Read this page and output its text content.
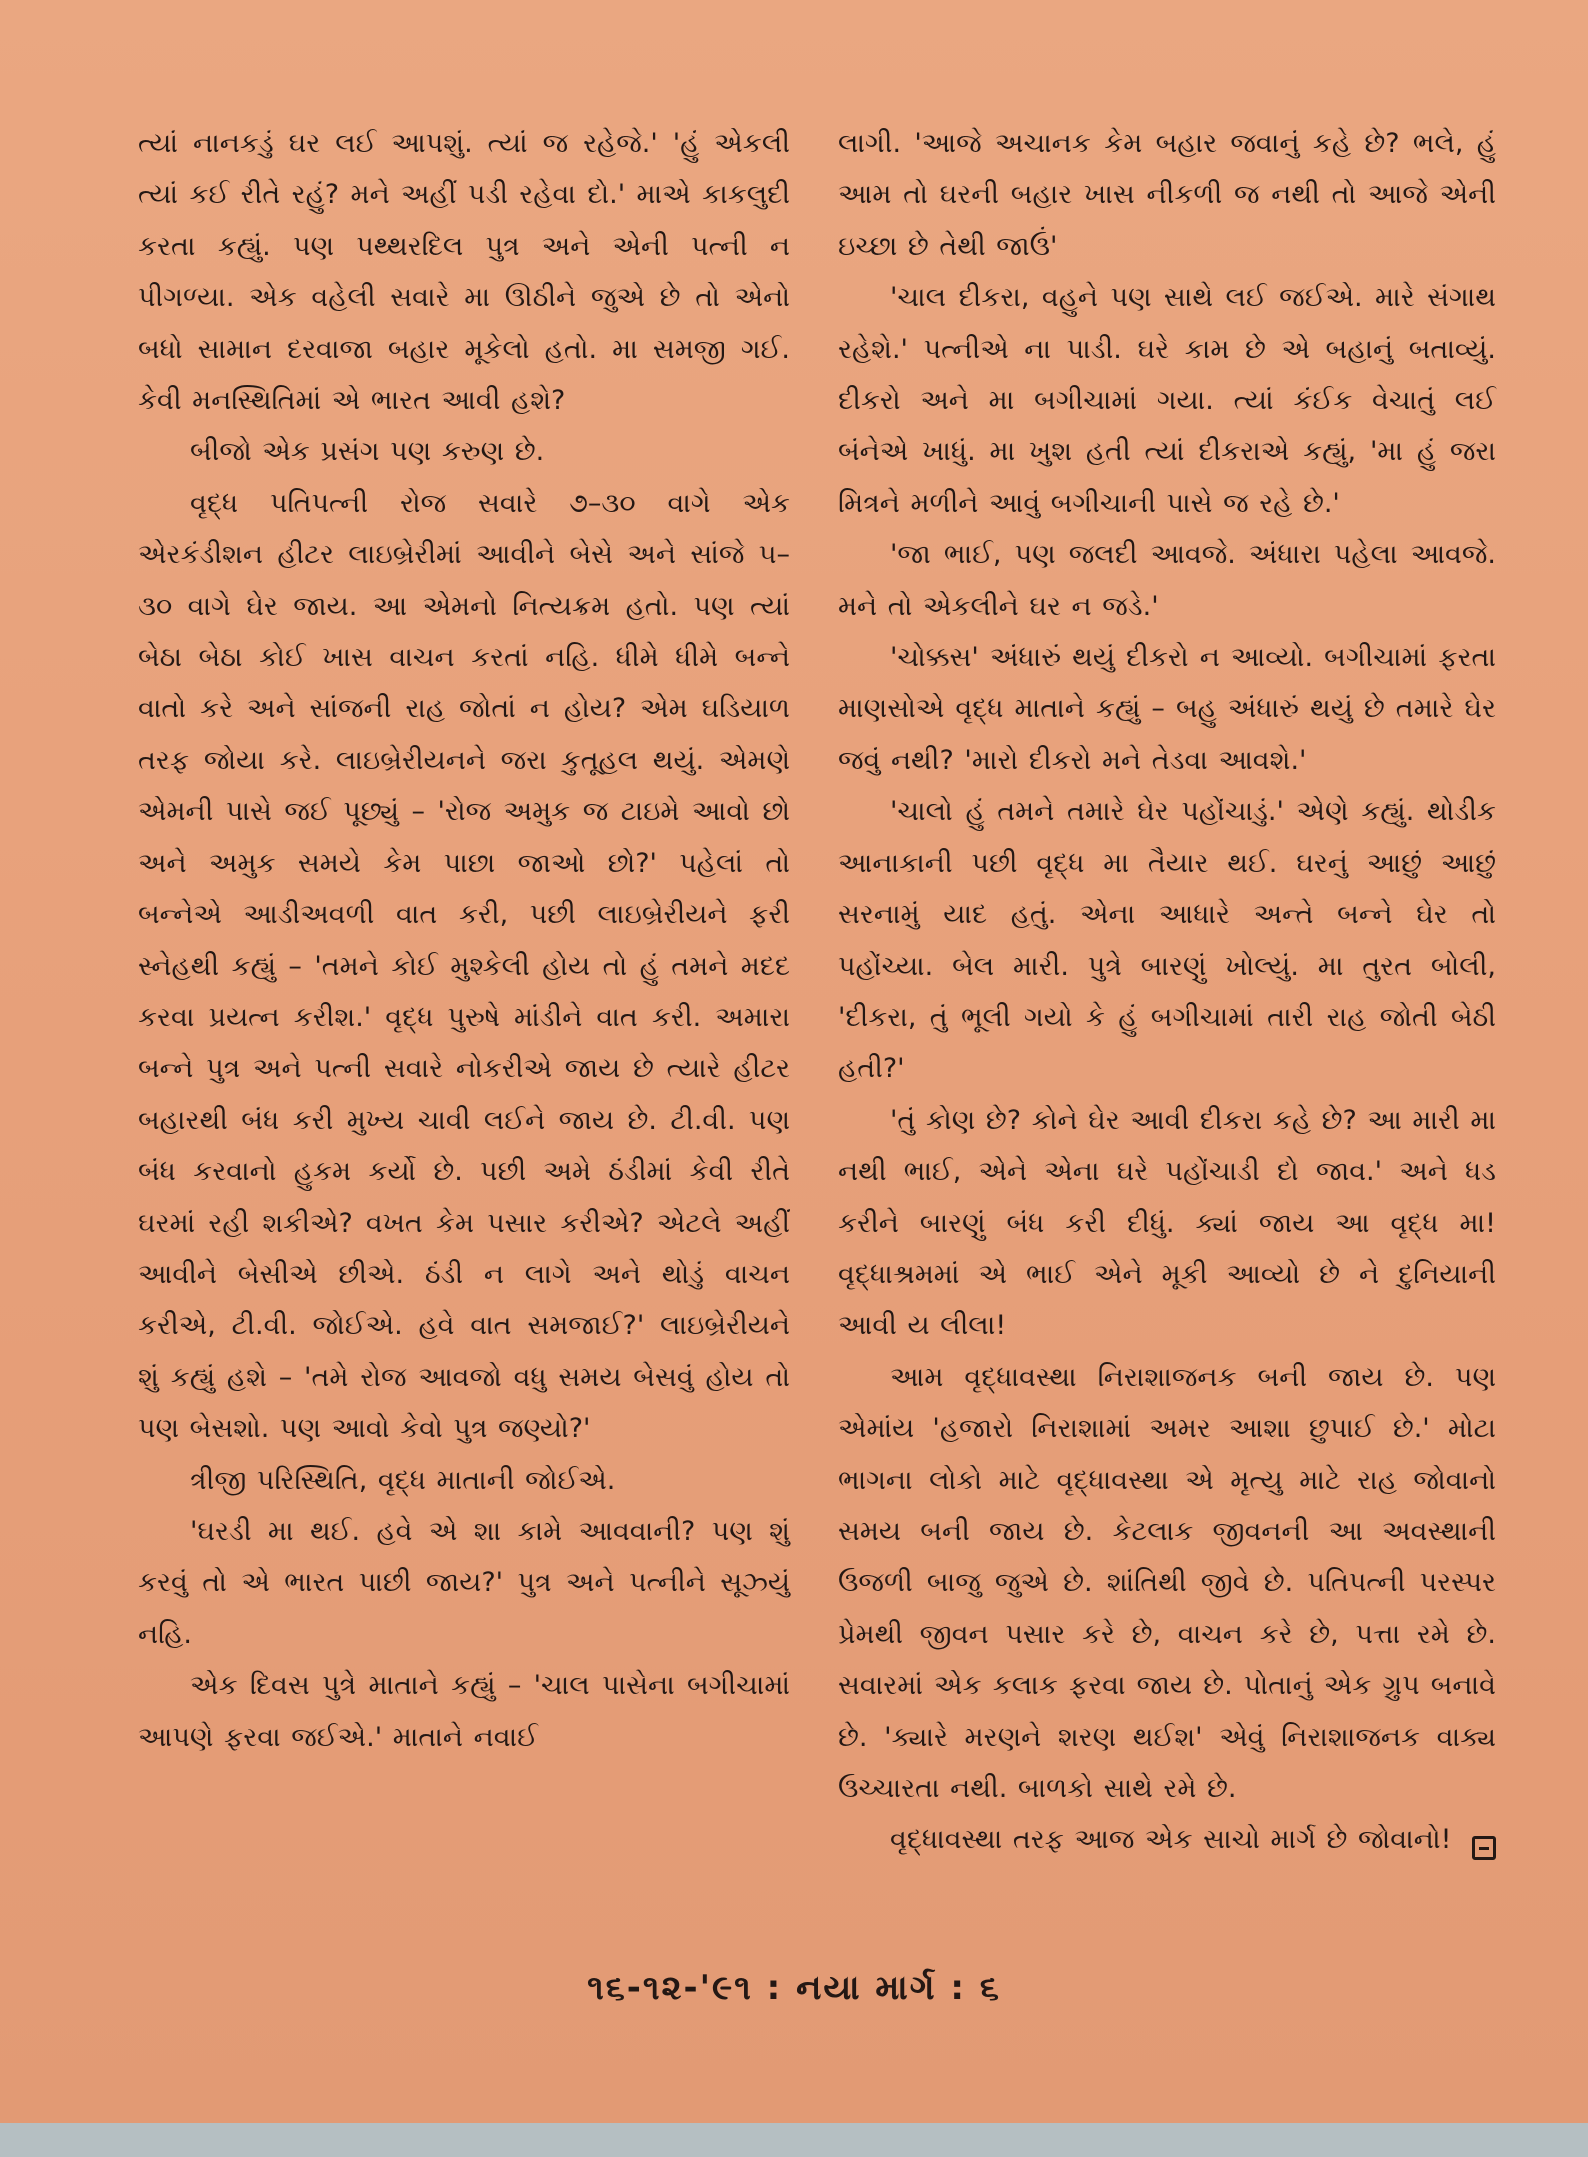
ત્યાં નાનકડું ઘર લઈ આપશું. ત્યાં જ રહેજે.' 'હું એકલી ત્યાં કઈ રીતે રહું? મને અહીં પડી રહેવા દો.' માએ કાકલુદી કરતા કહ્યું. પણ પથ્થરદિલ પુત્ર અને એની પત્ની ન પીગળ્યા. એક વહેલી સવારે મા ઊઠીને જુએ છે તો એનો બધો સામાન દરવાજા બહાર મૂકેલો હતો. મા સમજી ગઈ. કેવી મનસ્થિતિમાં એ ભારત આવી હશે?

બીજો એક પ્રસંગ પણ કરુણ છે.

વૃદ્ધ પતિપત્ની રોજ સવારે ૭–૩૦ વાગે એક એરકંડીશન હીટર લાઇબ્રેરીમાં આવીને બેસે અને સાંજે ૫–૩૦ વાગે ઘેર જાય. આ એમનો નિત્યક્રમ હતો. પણ ત્યાં બેઠા બેઠા કોઈ ખાસ વાચન કરતાં નહિ. ધીમે ધીમે બન્ને વાતો કરે અને સાંજની રાહ જોતાં ન હોય? એમ ઘડિયાળ તરફ જોયા કરે. લાઇબ્રેરીયનને જરા કુતૂહલ થયું. એમણે એમની પાસે જઈ પૂછ્યું – 'રોજ અમુક જ ટાઇમે આવો છો અને અમુક સમયે કેમ પાછા જાઓ છો?' પહેલાં તો બન્નેએ આડીઅવળી વાત કરી, પછી લાઇબ્રેરીયને ફરી સ્નેહથી કહ્યું – 'તમને કોઈ મુશ્કેલી હોય તો હું તમને મદદ કરવા પ્રયત્ન કરીશ.' વૃદ્ધ પુરુષે માંડીને વાત કરી. અમારા બન્ને પુત્ર અને પત્ની સવારે નોકરીએ જાય છે ત્યારે હીટર બહારથી બંધ કરી મુખ્ય ચાવી લઈને જાય છે. ટી.વી. પણ બંધ કરવાનો હુકમ કર્યો છે. પછી અમે ઠંડીમાં કેવી રીતે ઘરમાં રહી શકીએ? વખત કેમ પસાર કરીએ? એટલે અહીં આવીને બેસીએ છીએ. ઠંડી ન લાગે અને થોડું વાચન કરીએ, ટી.વી. જોઈએ. હવે વાત સમજાઈ?' લાઇબ્રેરીયને શું કહ્યું હશે – 'તમે રોજ આવજો વધુ સમય બેસવું હોય તો પણ બેસશો. પણ આવો કેવો પુત્ર જણ્યો?'

ત્રીજી પરિસ્થિતિ, વૃદ્ધ માતાની જોઈએ.

'ઘરડી મા થઈ. હવે એ શા કામે આવવાની? પણ શું કરવું તો એ ભારત પાછી જાય?' પુત્ર અને પત્નીને સૂઝ્યું નહિ.

એક દિવસ પુત્રે માતાને કહ્યું – 'ચાલ પાસેના બગીચામાં આપણે ફરવા જઈએ.' માતાને નવાઈ

લાગી. 'આજે અચાનક કેમ બહાર જવાનું કહે છે? ભલે, હું આમ તો ઘરની બહાર ખાસ નીકળી જ નથી તો આજે એની ઇચ્છા છે તેથી જાઉં'

'ચાલ દીકરા, વહુને પણ સાથે લઈ જઈએ. મારે સંગાથ રહેશે.' પત્નીએ ના પાડી. ઘરે કામ છે એ બહાનું બતાવ્યું. દીકરો અને મા બગીચામાં ગયા. ત્યાં કંઈક વેચાતું લઈ બંનેએ ખાધું. મા ખુશ હતી ત્યાં દીકરાએ કહ્યું, 'મા હું જરા મિત્રને મળીને આવું બગીચાની પાસે જ રહે છે.'

'જા ભાઈ, પણ જલદી આવજે. અંધારા પહેલા આવજે. મને તો એકલીને ઘર ન જડે.'

'ચોક્કસ' અંધારું થયું દીકરો ન આવ્યો. બગીચામાં ફરતા માણસોએ વૃદ્ધ માતાને કહ્યું – બહુ અંધારું થયું છે તમારે ઘેર જવું નથી? 'મારો દીકરો મને તેડવા આવશે.'

'ચાલો હું તમને તમારે ઘેર પહોંચાડું.' એણે કહ્યું. થોડીક આનાકાની પછી વૃદ્ધ મા તૈયાર થઈ. ઘરનું આછું આછું સરનામું યાદ હતું. એના આધારે અન્તે બન્ને ઘેર તો પહોંચ્યા. બેલ મારી. પુત્રે બારણું ખોલ્યું. મા તુરત બોલી, 'દીકરા, તું ભૂલી ગયો કે હું બગીચામાં તારી રાહ જોતી બેઠી હતી?'

'તું કોણ છે? કોને ઘેર આવી દીકરા કહે છે? આ મારી મા નથી ભાઈ, એને એના ઘરે પહોંચાડી દો જાવ.' અને ધડ કરીને બારણું બંધ કરી દીધું. ક્યાં જાય આ વૃદ્ધ મા! વૃદ્ધાશ્રમમાં એ ભાઈ એને મૂકી આવ્યો છે ને દુનિયાની આવી ય લીલા!

આમ વૃદ્ધાવસ્થા નિરાશાજનક બની જાય છે. પણ એમાંય 'હજારો નિરાશામાં અમર આશા છુપાઈ છે.' મોટા ભાગના લોકો માટે વૃદ્ધાવસ્થા એ મૃત્યુ માટે રાહ જોવાનો સમય બની જાય છે. કેટલાક જીવનની આ અવસ્થાની ઉજળી બાજુ જુએ છે. શાંતિથી જીવે છે. પતિપત્ની પરસ્પર પ્રેમથી જીવન પસાર કરે છે, વાચન કરે છે, પત્તા રમે છે. સવારમાં એક કલાક ફરવા જાય છે. પોતાનું એક ગ્રુપ બનાવે છે. 'ક્યારે મરણને શરણ થઈશ' એવું નિરાશાજનક વાક્ય ઉચ્ચારતા નથી. બાળકો સાથે રમે છે.

વૃદ્ધાવસ્થા તરફ આજ એક સાચો માર્ગ છે જોવાનો!

૧૬-૧૨-'૯૧ : નયા માર્ગ : ૬
